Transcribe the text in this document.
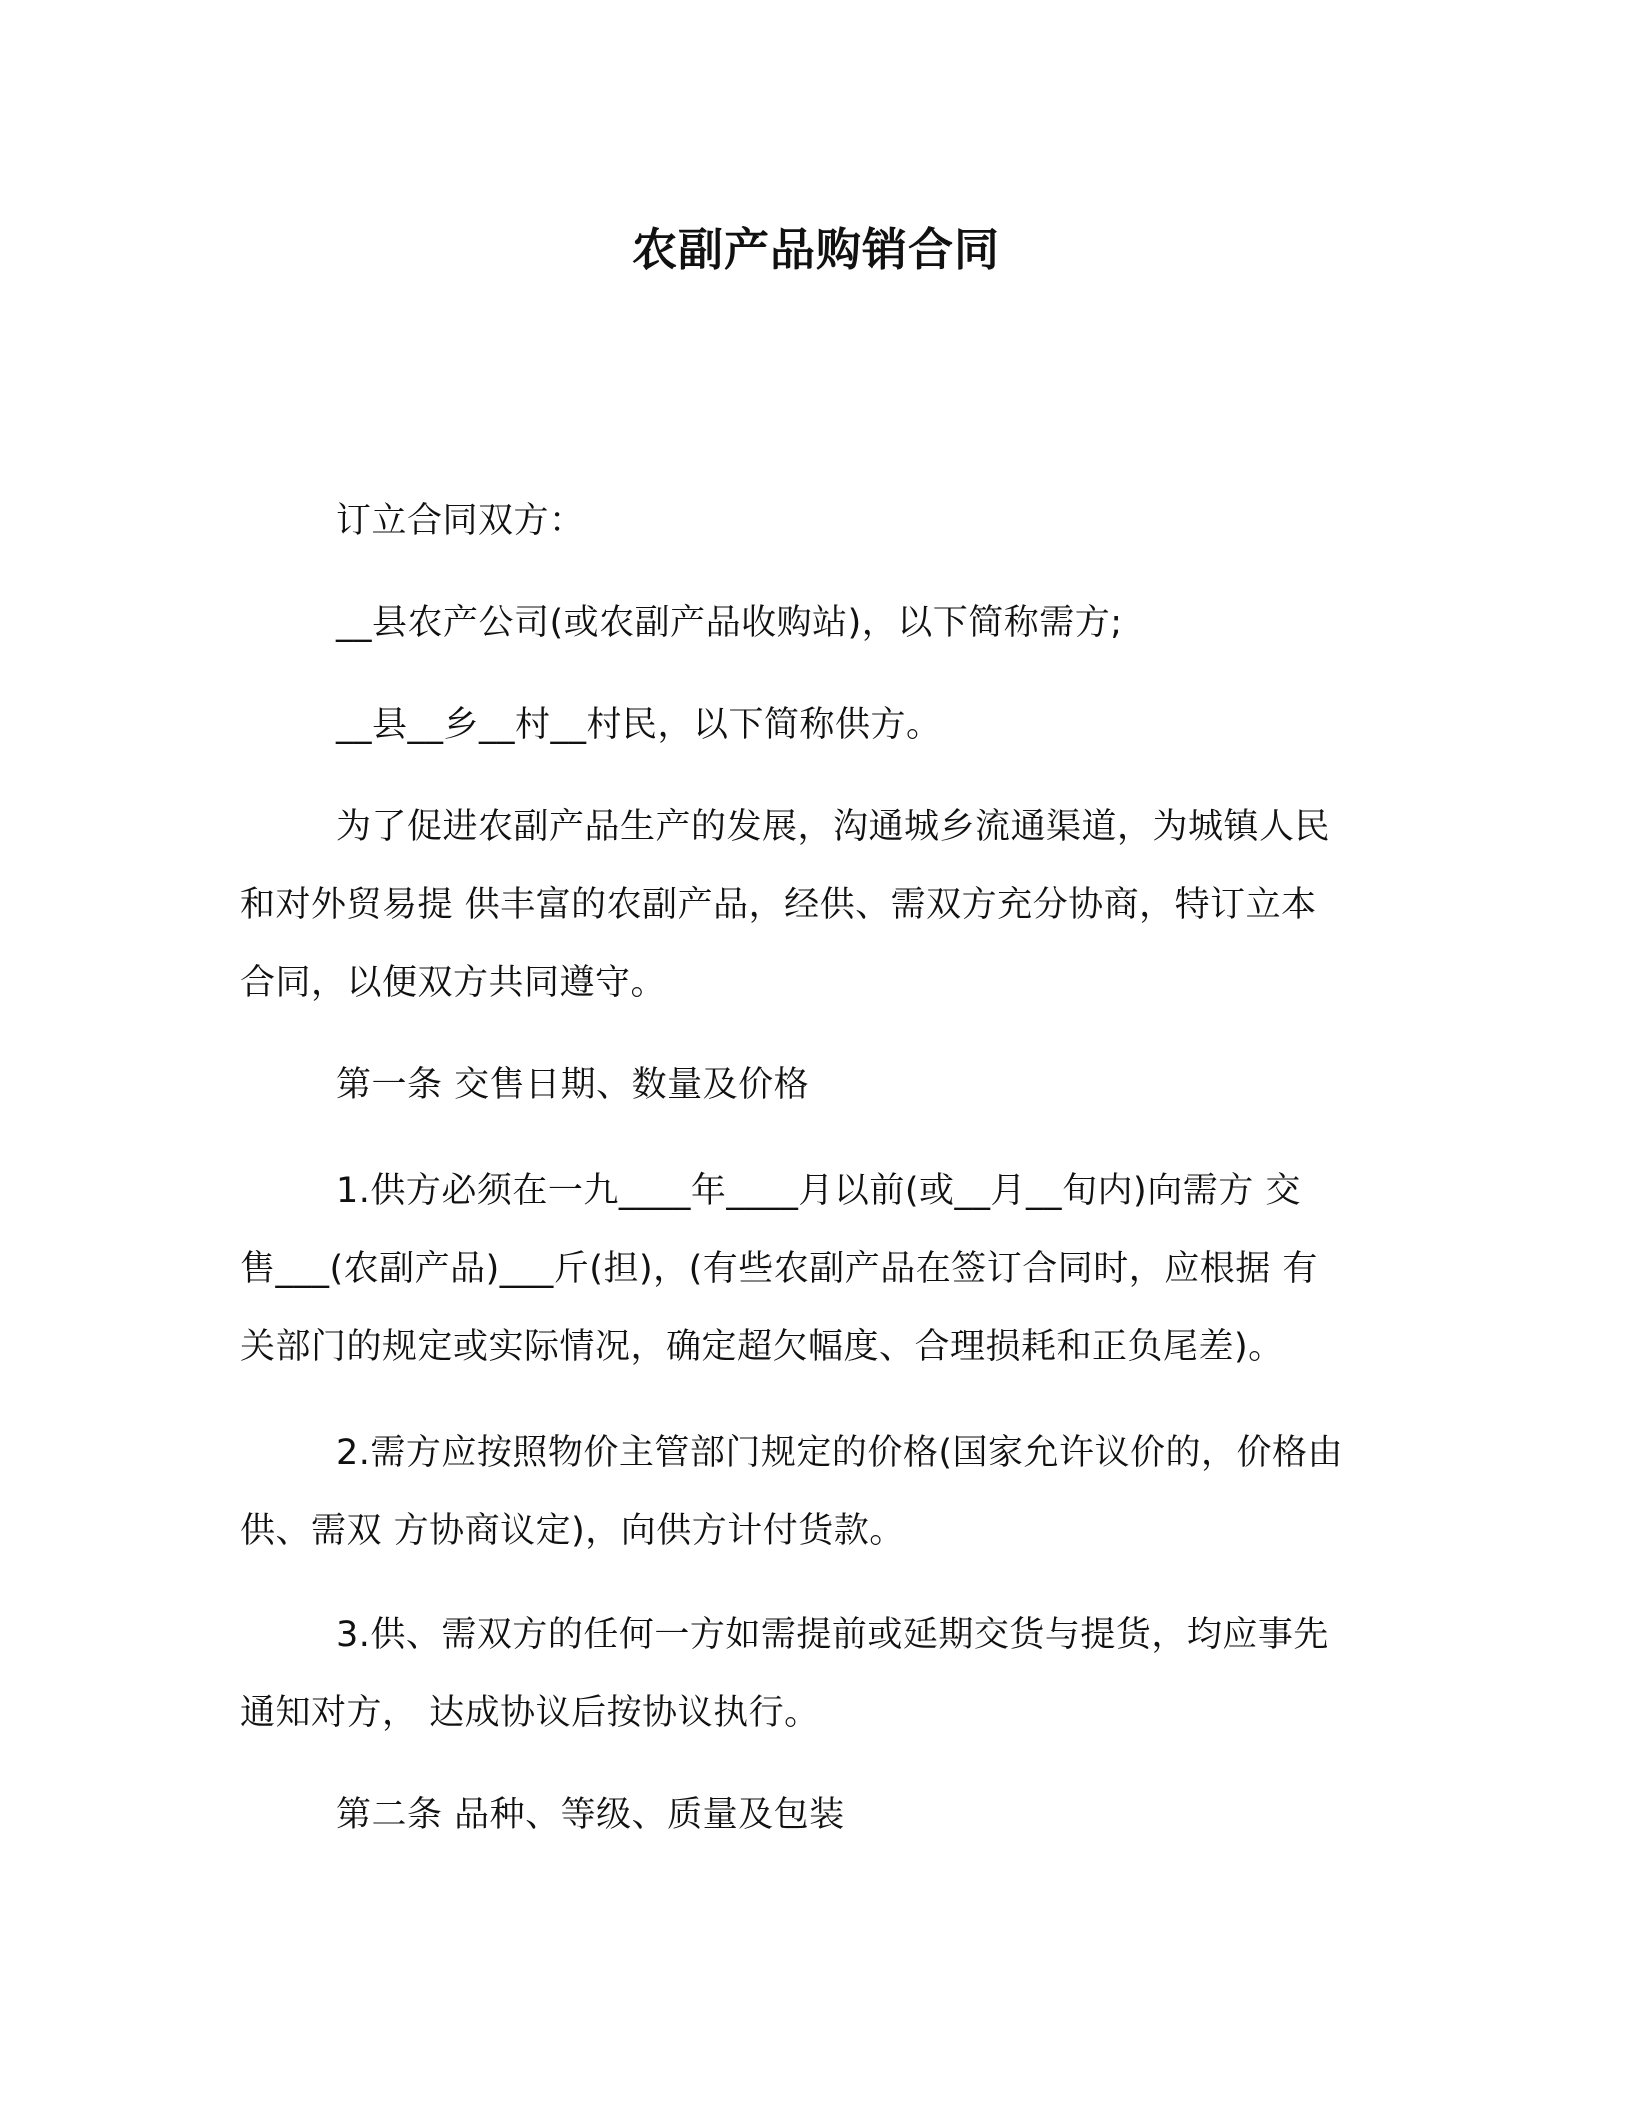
农副产品购销合同

订立合同双方：

__县农产公司(或农副产品收购站)，以下简称需方;

__县__乡__村__村民，以下简称供方。

为了促进农副产品生产的发展，沟通城乡流通渠道，为城镇人民
和对外贸易提 供丰富的农副产品，经供、需双方充分协商，特订立本
合同，以便双方共同遵守。

第一条 交售日期、数量及价格

1.供方必须在一九____年____月以前(或__月__旬内)向需方 交
售___(农副产品)___斤(担)，(有些农副产品在签订合同时，应根据 有
关部门的规定或实际情况，确定超欠幅度、合理损耗和正负尾差)。

2.需方应按照物价主管部门规定的价格(国家允许议价的，价格由
供、需双 方协商议定)，向供方计付货款。

3.供、需双方的任何一方如需提前或延期交货与提货，均应事先
通知对方， 达成协议后按协议执行。

第二条 品种、等级、质量及包装
